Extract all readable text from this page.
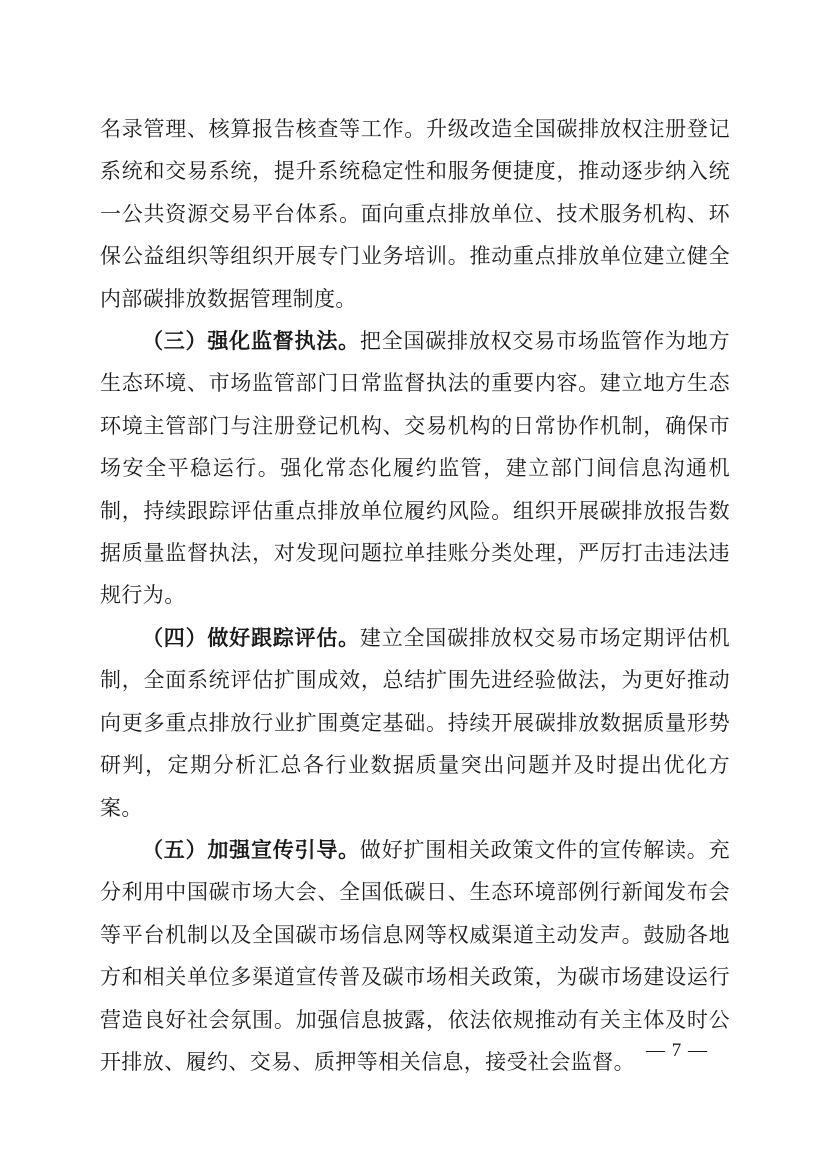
名录管理、核算报告核查等工作。升级改造全国碳排放权注册登记系统和交易系统，提升系统稳定性和服务便捷度，推动逐步纳入统一公共资源交易平台体系。面向重点排放单位、技术服务机构、环保公益组织等组织开展专门业务培训。推动重点排放单位建立健全内部碳排放数据管理制度。

（三）强化监督执法。把全国碳排放权交易市场监管作为地方生态环境、市场监管部门日常监督执法的重要内容。建立地方生态环境主管部门与注册登记机构、交易机构的日常协作机制，确保市场安全平稳运行。强化常态化履约监管，建立部门间信息沟通机制，持续跟踪评估重点排放单位履约风险。组织开展碳排放报告数据质量监督执法，对发现问题拉单挂账分类处理，严厉打击违法违规行为。

（四）做好跟踪评估。建立全国碳排放权交易市场定期评估机制，全面系统评估扩围成效，总结扩围先进经验做法，为更好推动向更多重点排放行业扩围奠定基础。持续开展碳排放数据质量形势研判，定期分析汇总各行业数据质量突出问题并及时提出优化方案。

（五）加强宣传引导。做好扩围相关政策文件的宣传解读。充分利用中国碳市场大会、全国低碳日、生态环境部例行新闻发布会等平台机制以及全国碳市场信息网等权威渠道主动发声。鼓励各地方和相关单位多渠道宣传普及碳市场相关政策，为碳市场建设运行营造良好社会氛围。加强信息披露，依法依规推动有关主体及时公开排放、履约、交易、质押等相关信息，接受社会监督。 — 7 —
